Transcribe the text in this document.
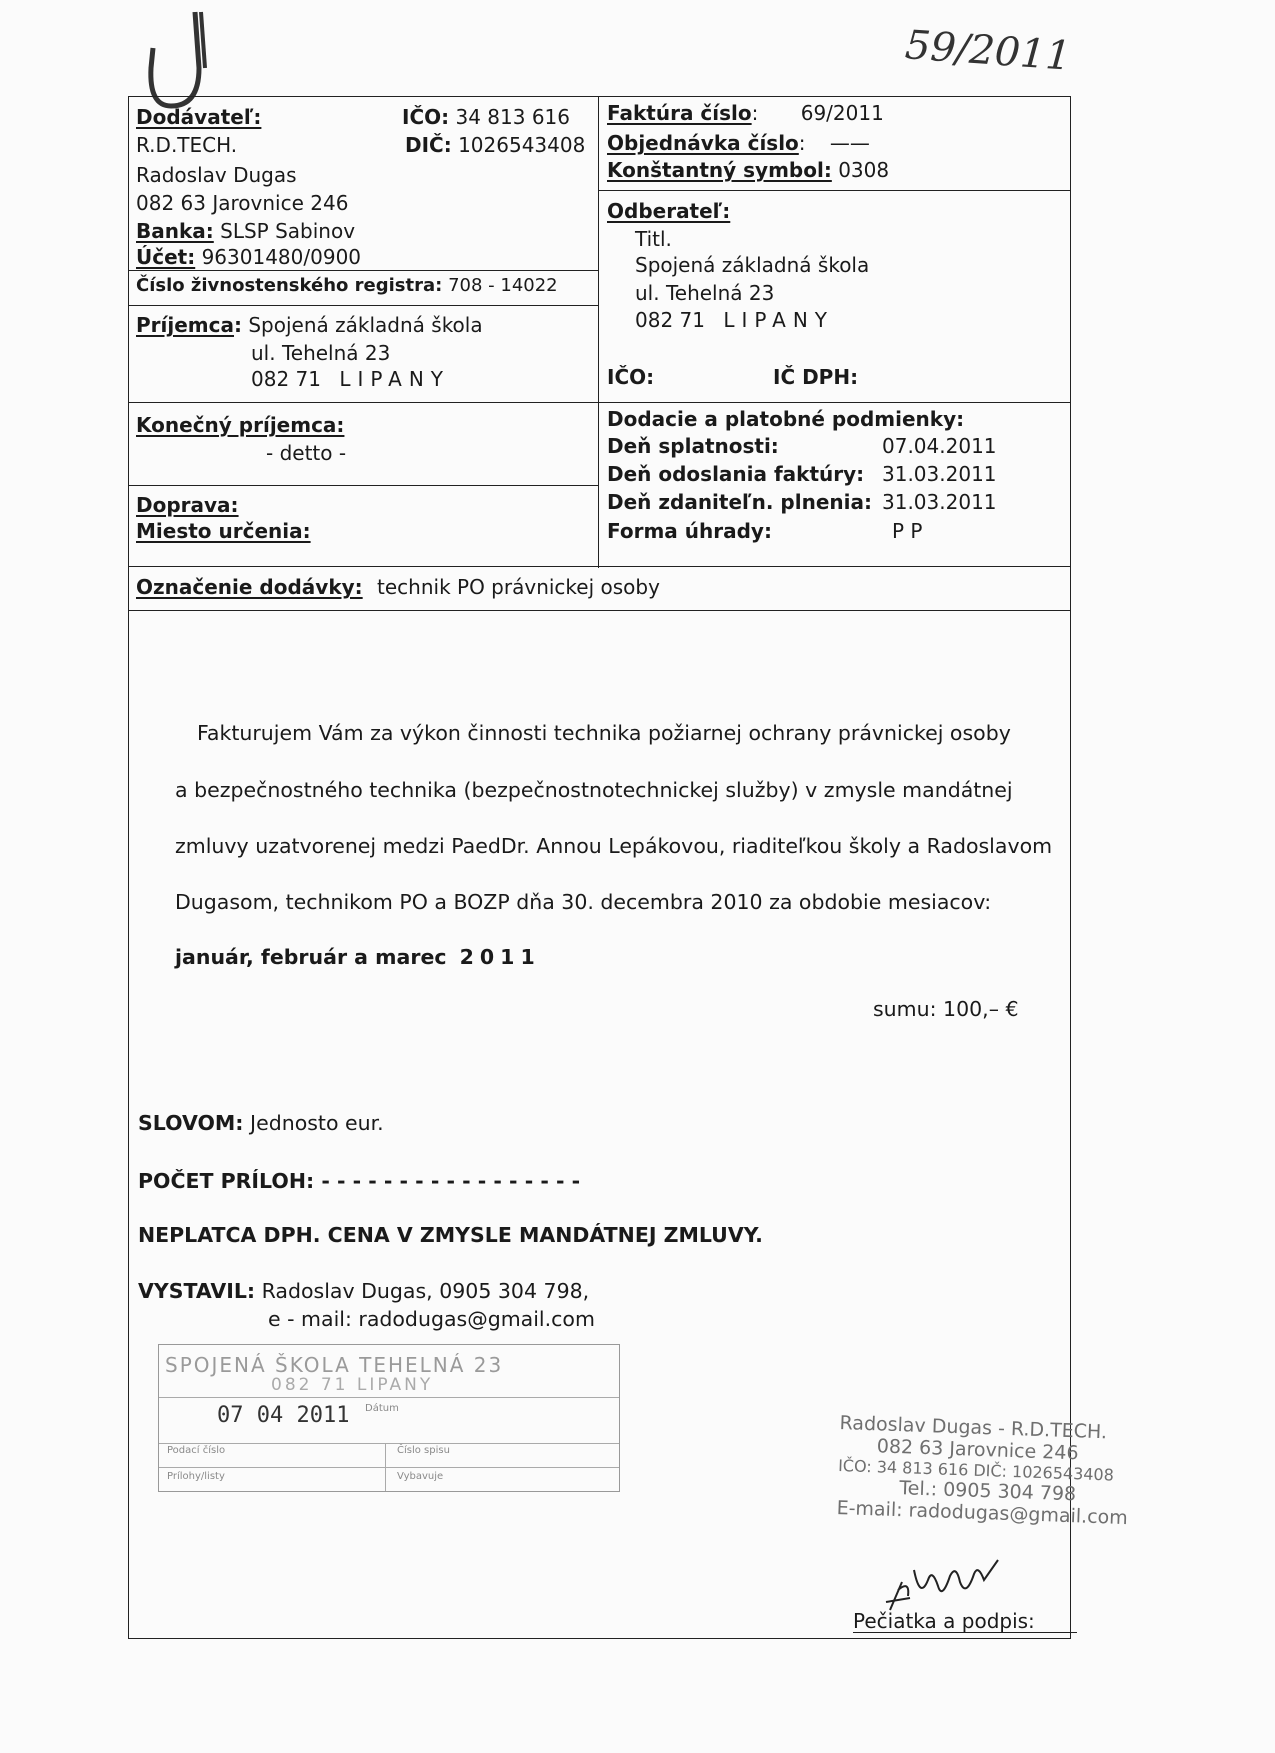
59/2011
Dodávateľ:
R.D.TECH.
Radoslav Dugas
082 63 Jarovnice 246
Banka: SLSP Sabinov
Účet: 96301480/0900
IČO: 34 813 616
DIČ: 1026543408
Číslo živnostenského registra: 708 - 14022
Faktúra číslo: 69/2011
Objednávka číslo: ——
Konštantný symbol: 0308
Odberateľ:
Titl.
Spojená základná škola
ul. Tehelná 23
082 71 LIPANY
IČO:	IČ DPH:
Príjemca: Spojená základná škola
ul. Tehelná 23
082 71 LIPANY
Konečný príjemca:
- detto -
Doprava:
Miesto určenia:
Dodacie a platobné podmienky:
Deň splatnosti:	07.04.2011
Deň odoslania faktúry: 31.03.2011
Deň zdaniteľn. plnenia: 31.03.2011
Forma úhrady:	P P
Označenie dodávky: technik PO právnickej osoby
Fakturujem Vám za výkon činnosti technika požiarnej ochrany právnickej osoby
a bezpečnostného technika (bezpečnostnotechnickej služby) v zmysle mandátnej
zmluvy uzatvorenej medzi PaedDr. Annou Lepákovou, riaditeľkou školy a Radoslavom
Dugasom, technikom PO a BOZP dňa 30. decembra 2010 za obdobie mesiacov:
január, február a marec 2011
sumu: 100,– €
SLOVOM: Jednosto eur.
POČET PRÍLOH: - - - - - - - - - - - - - - - - -
NEPLATCA DPH. CENA V ZMYSLE MANDÁTNEJ ZMLUVY.
VYSTAVIL: Radoslav Dugas, 0905 304 798,
e - mail: radodugas@gmail.com
SPOJENÁ ŠKOLA TEHELNÁ 23
082 71 LIPANY
07 04 2011 Dátum
Podací číslo	Číslo spisu
Prílohy/listy	Vybavuje
Radoslav Dugas - R.D.TECH.
082 63 Jarovnice 246
IČO: 34 813 616 DIČ: 1026543408
Tel.: 0905 304 798
E-mail: radodugas@gmail.com
Pečiatka a podpis:
